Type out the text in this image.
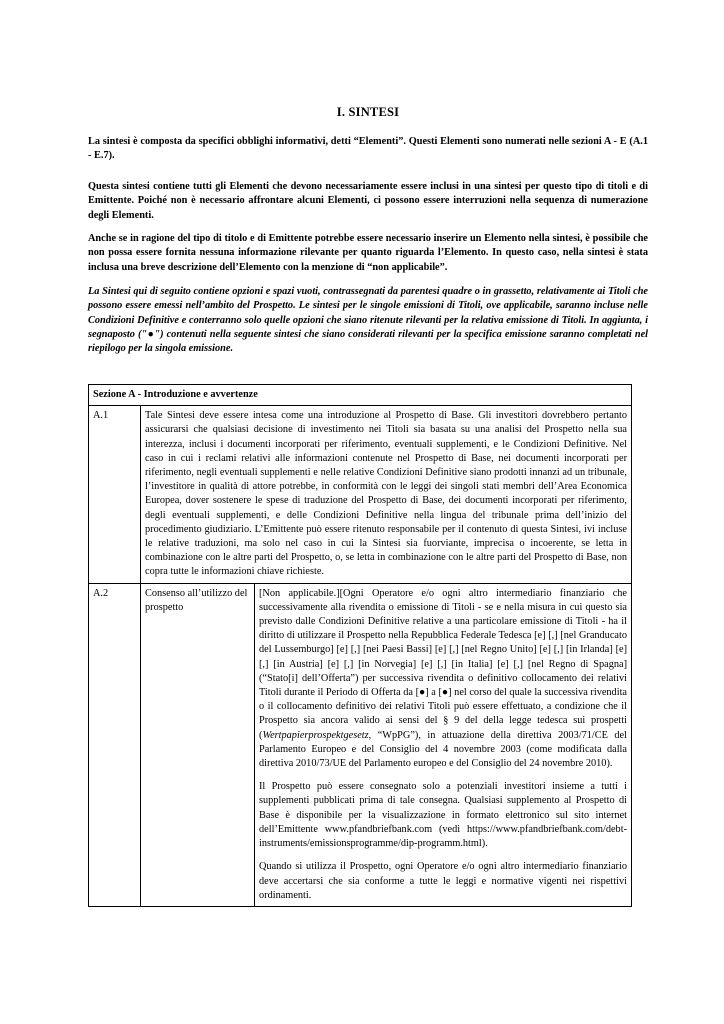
I. SINTESI

La sintesi è composta da specifici obblighi informativi, detti “Elementi”. Questi Elementi sono numerati nelle sezioni A - E (A.1 - E.7).

Questa sintesi contiene tutti gli Elementi che devono necessariamente essere inclusi in una sintesi per questo tipo di titoli e di Emittente. Poiché non è necessario affrontare alcuni Elementi, ci possono essere interruzioni nella sequenza di numerazione degli Elementi.

Anche se in ragione del tipo di titolo e di Emittente potrebbe essere necessario inserire un Elemento nella sintesi, è possibile che non possa essere fornita nessuna informazione rilevante per quanto riguarda l’Elemento. In questo caso, nella sintesi è stata inclusa una breve descrizione dell’Elemento con la menzione di “non applicabile”.

La Sintesi qui di seguito contiene opzioni e spazi vuoti, contrassegnati da parentesi quadre o in grassetto, relativamente ai Titoli che possono essere emessi nell’ambito del Prospetto. Le sintesi per le singole emissioni di Titoli, ove applicabile, saranno incluse nelle Condizioni Definitive e conterranno solo quelle opzioni che siano ritenute rilevanti per la relativa emissione di Titoli. In aggiunta, i segnaposto ("●") contenuti nella seguente sintesi che siano considerati rilevanti per la specifica emissione saranno completati nel riepilogo per la singola emissione.

Sezione A - Introduzione e avvertenze		
A.1	Tale Sintesi deve essere intesa come una introduzione al Prospetto di Base. Gli investitori dovrebbero pertanto assicurarsi che qualsiasi decisione di investimento nei Titoli sia basata su una analisi del Prospetto nella sua interezza, inclusi i documenti incorporati per riferimento, eventuali supplementi, e le Condizioni Definitive. Nel caso in cui i reclami relativi alle informazioni contenute nel Prospetto di Base, nei documenti incorporati per riferimento, negli eventuali supplementi e nelle relative Condizioni Definitive siano prodotti innanzi ad un tribunale, l’investitore in qualità di attore potrebbe, in conformità con le leggi dei singoli stati membri dell’Area Economica Europea, dover sostenere le spese di traduzione del Prospetto di Base, dei documenti incorporati per riferimento, degli eventuali supplementi, e delle Condizioni Definitive nella lingua del tribunale prima dell’inizio del procedimento giudiziario. L’Emittente può essere ritenuto responsabile per il contenuto di questa Sintesi, ivi incluse le relative traduzioni, ma solo nel caso in cui la Sintesi sia fuorviante, imprecisa o incoerente, se letta in combinazione con le altre parti del Prospetto, o, se letta in combinazione con le altre parti del Prospetto di Base, non copra tutte le informazioni chiave richieste.	
A.2	Consenso all’utilizzo del prospetto	[Non applicabile.][Ogni Operatore e/o ogni altro intermediario finanziario che successivamente alla rivendita o emissione di Titoli - se e nella misura in cui questo sia previsto dalle Condizioni Definitive relative a una particolare emissione di Titoli - ha il diritto di utilizzare il Prospetto nella Repubblica Federale Tedesca [e] [,] [nel Granducato del Lussemburgo] [e] [,] [nei Paesi Bassi] [e] [,] [nel Regno Unito] [e] [,] [in Irlanda] [e] [,] [in Austria] [e] [,] [in Norvegia] [e] [,] [in Italia] [e] [,] [nel Regno di Spagna] (“Stato[i] dell’Offerta”) per successiva rivendita o definitivo collocamento dei relativi Titoli durante il Periodo di Offerta da [●] a [●] nel corso del quale la successiva rivendita o il collocamento definitivo dei relativi Titoli può essere effettuato, a condizione che il Prospetto sia ancora valido ai sensi del § 9 del della legge tedesca sui prospetti (Wertpapierprospektgesetz, “WpPG”), in attuazione della direttiva 2003/71/CE del Parlamento Europeo e del Consiglio del 4 novembre 2003 (come modificata dalla direttiva 2010/73/UE del Parlamento europeo e del Consiglio del 24 novembre 2010).

Il Prospetto può essere consegnato solo a potenziali investitori insieme a tutti i supplementi pubblicati prima di tale consegna. Qualsiasi supplemento al Prospetto di Base è disponibile per la visualizzazione in formato elettronico sul sito internet dell’Emittente www.pfandbriefbank.com (vedi https://www.pfandbriefbank.com/debt-instruments/emissionsprogramme/dip-programm.html).

Quando si utilizza il Prospetto, ogni Operatore e/o ogni altro intermediario finanziario deve accertarsi che sia conforme a tutte le leggi e normative vigenti nei rispettivi ordinamenti.
